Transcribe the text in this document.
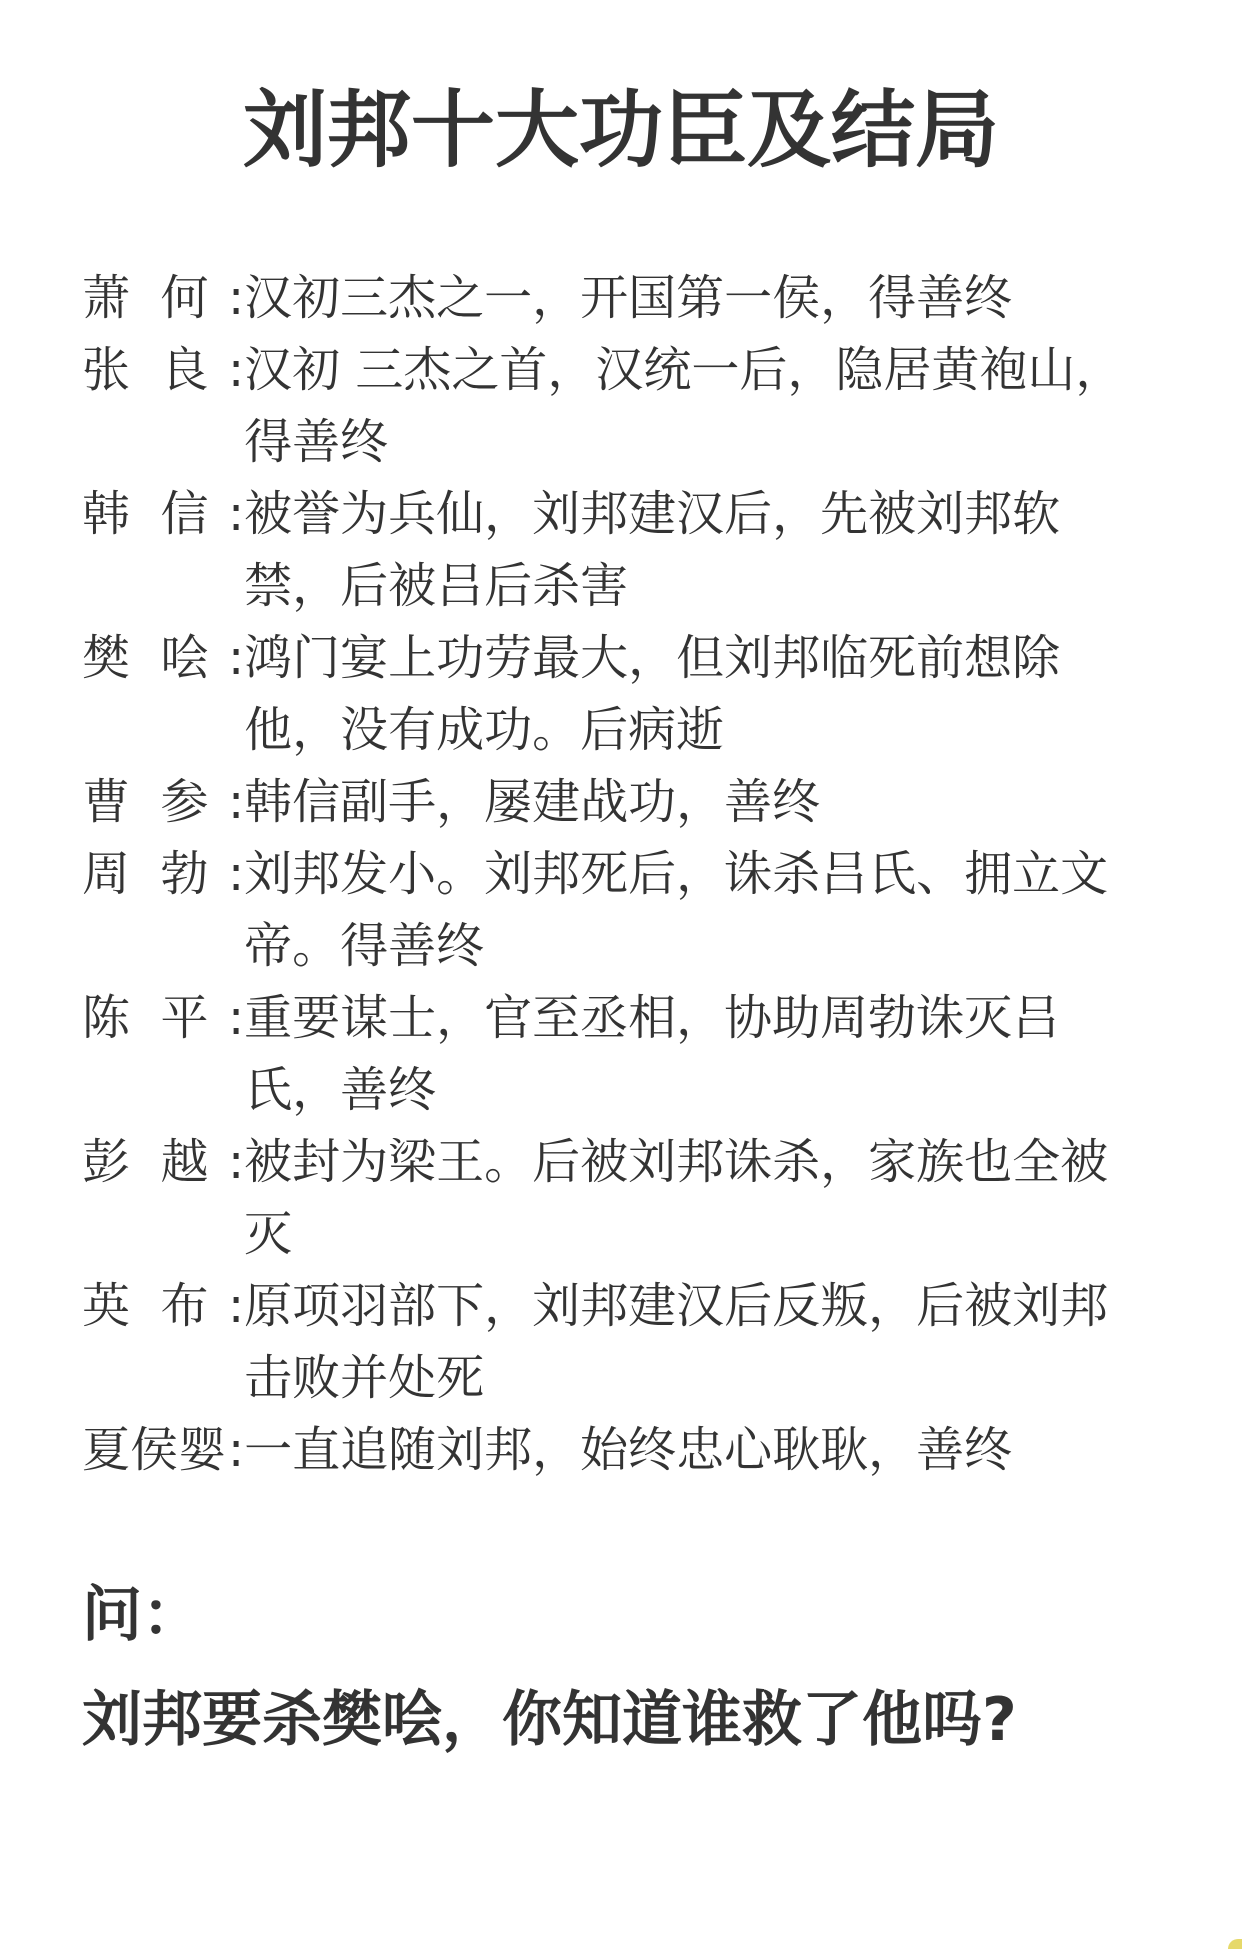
刘邦十大功臣及结局
萧  何 : 汉初三杰之一，开国第一侯，得善终
张  良 : 汉初 三杰之首，汉统一后，隐居黄袍山，得善终
韩  信 : 被誉为兵仙，刘邦建汉后，先被刘邦软禁，后被吕后杀害
樊  哙 : 鸿门宴上功劳最大，但刘邦临死前想除他，没有成功。后病逝
曹  参 : 韩信副手，屡建战功，善终
周  勃 : 刘邦发小。刘邦死后，诛杀吕氏、拥立文帝。得善终
陈  平 : 重要谋士，官至丞相，协助周勃诛灭吕氏，善终
彭  越 : 被封为梁王。后被刘邦诛杀，家族也全被灭
英  布 : 原项羽部下，刘邦建汉后反叛，后被刘邦击败并处死
夏侯婴 : 一直追随刘邦，始终忠心耿耿，善终

问：

刘邦要杀樊哙，你知道谁救了他吗?
